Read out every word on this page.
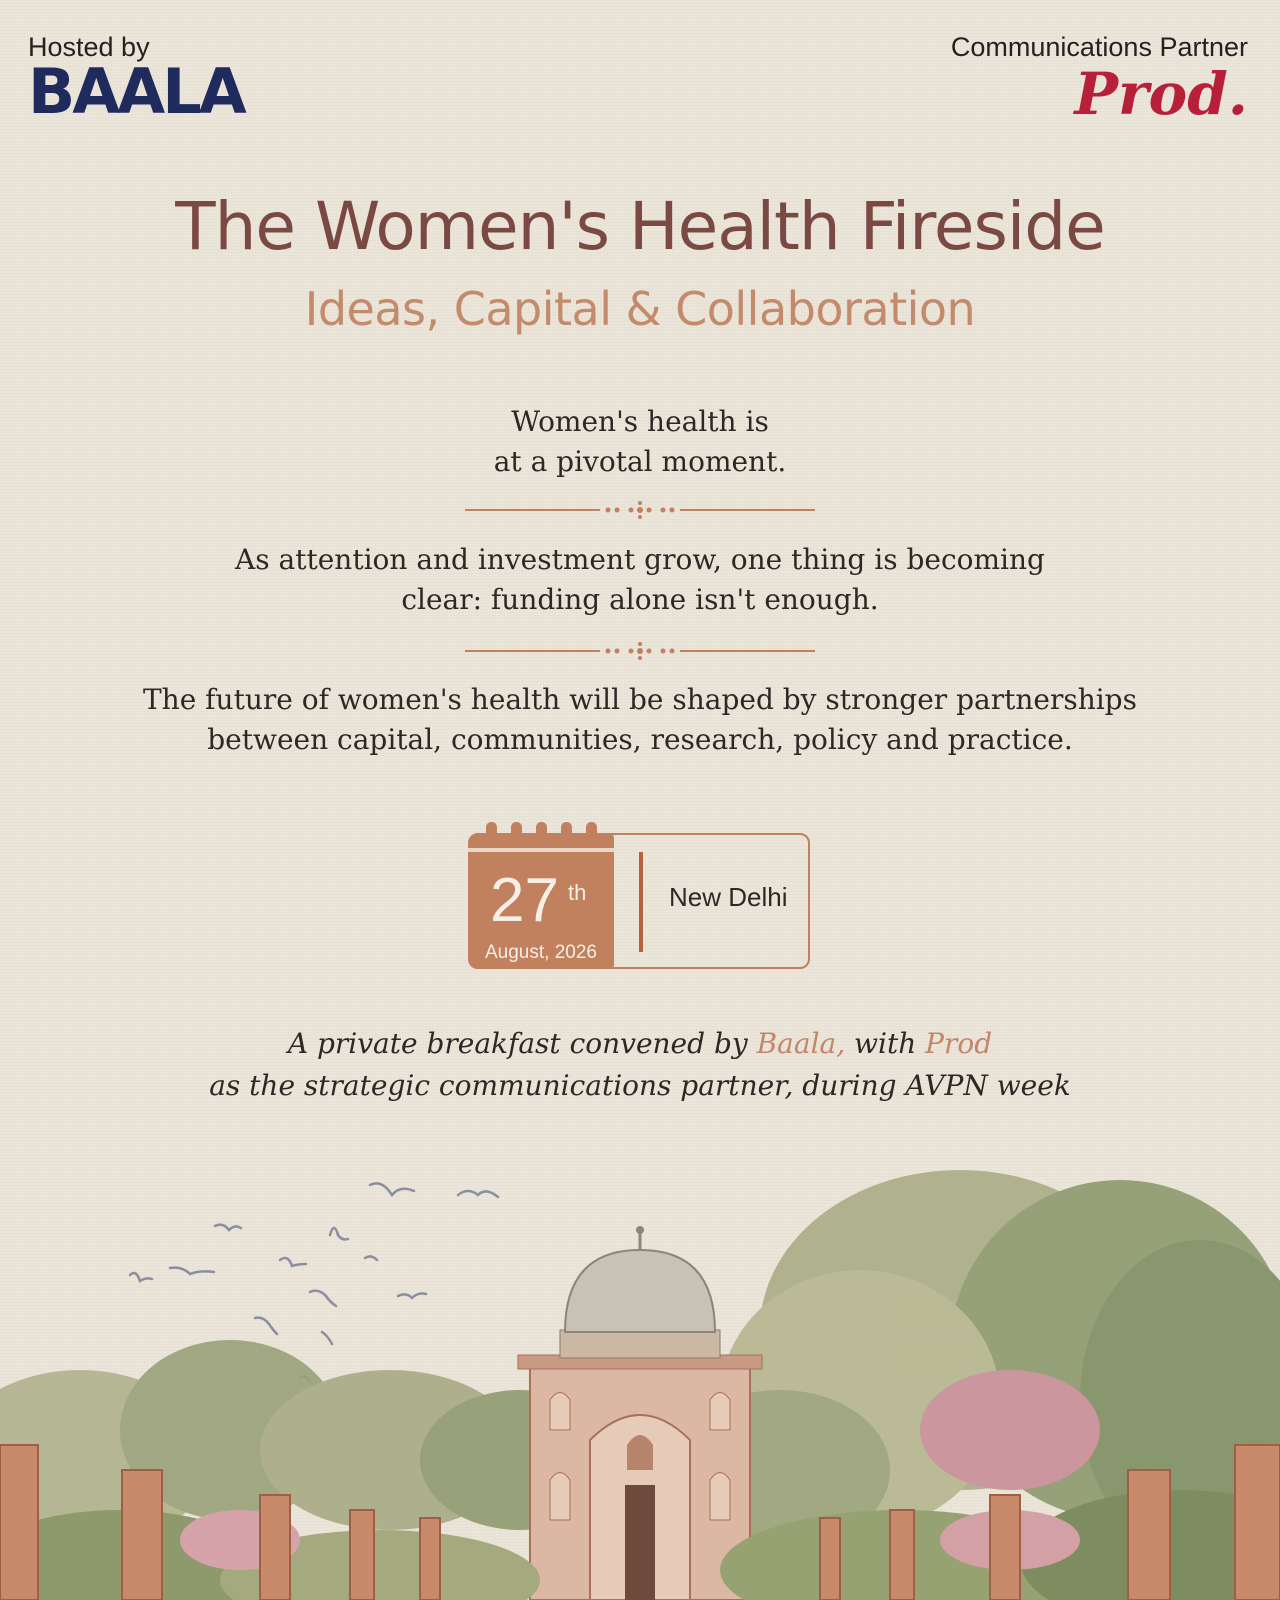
Hosted by
BAALA
Communications Partner
Prod.
The Women's Health Fireside
Ideas, Capital & Collaboration
Women's health is
at a pivotal moment.
As attention and investment grow, one thing is becoming
clear: funding alone isn't enough.
The future of women's health will be shaped by stronger partnerships
between capital, communities, research, policy and practice.
27 th
August, 2026
New Delhi
A private breakfast convened by Baala, with Prod
as the strategic communications partner, during AVPN week
